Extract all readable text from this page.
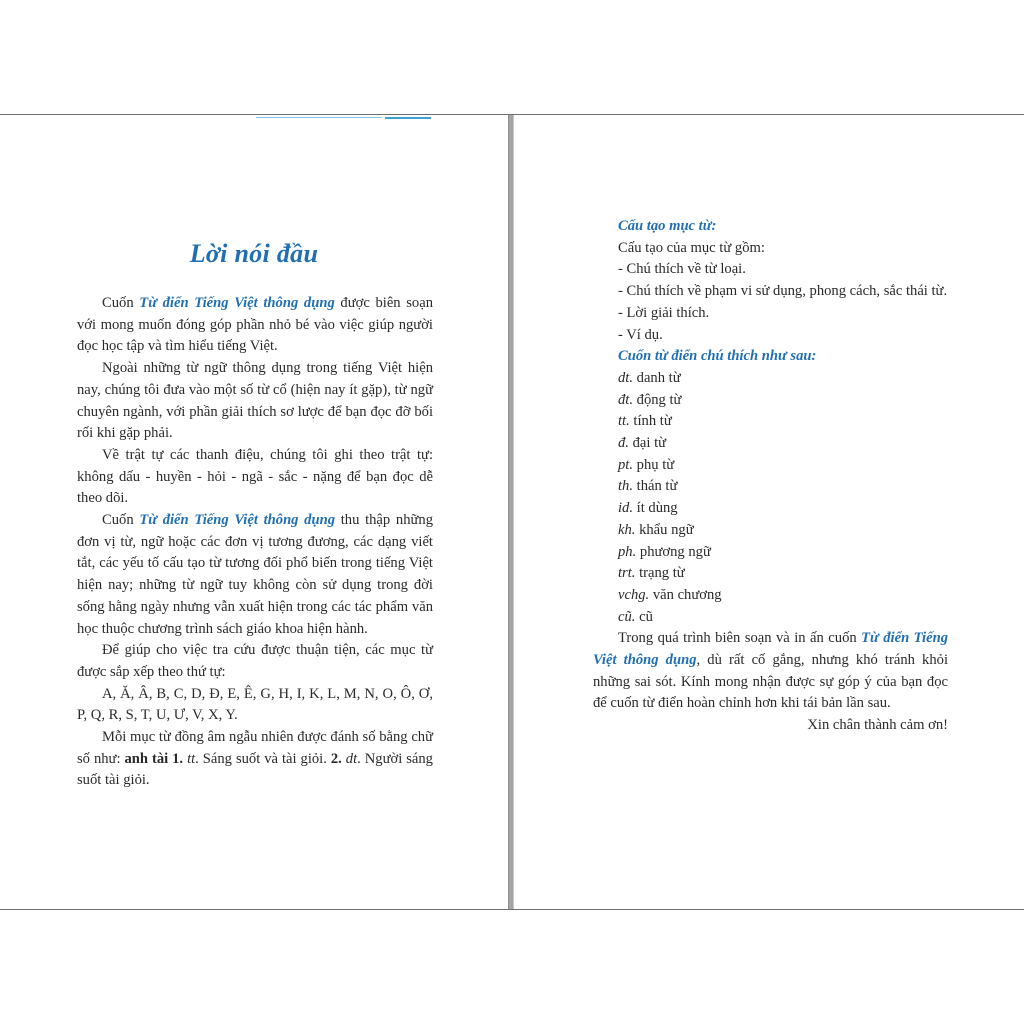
Lời nói đầu

Cuốn Từ điển Tiếng Việt thông dụng được biên soạn với mong muốn đóng góp phần nhỏ bé vào việc giúp người đọc học tập và tìm hiểu tiếng Việt.

Ngoài những từ ngữ thông dụng trong tiếng Việt hiện nay, chúng tôi đưa vào một số từ cổ (hiện nay ít gặp), từ ngữ chuyên ngành, với phần giải thích sơ lược để bạn đọc đỡ bối rối khi gặp phải.

Về trật tự các thanh điệu, chúng tôi ghi theo trật tự: không dấu - huyền - hỏi - ngã - sắc - nặng để bạn đọc dễ theo dõi.

Cuốn Từ điển Tiếng Việt thông dụng thu thập những đơn vị từ, ngữ hoặc các đơn vị tương đương, các dạng viết tắt, các yếu tố cấu tạo từ tương đối phổ biến trong tiếng Việt hiện nay; những từ ngữ tuy không còn sử dụng trong đời sống hằng ngày nhưng vẫn xuất hiện trong các tác phẩm văn học thuộc chương trình sách giáo khoa hiện hành.

Để giúp cho việc tra cứu được thuận tiện, các mục từ được sắp xếp theo thứ tự:

A, Ă, Â, B, C, D, Đ, E, Ê, G, H, I, K, L, M, N, O, Ô, Ơ, P, Q, R, S, T, U, Ư, V, X, Y.

Mỗi mục từ đồng âm ngẫu nhiên được đánh số bằng chữ số như: anh tài 1. tt. Sáng suốt và tài giỏi. 2. dt. Người sáng suốt tài giỏi.

Cấu tạo mục từ:

Cấu tạo của mục từ gồm:

- Chú thích về từ loại.

- Chú thích về phạm vi sử dụng, phong cách, sắc thái từ.

- Lời giải thích.

- Ví dụ.

Cuốn từ điển chú thích như sau:

dt. danh từ

đt. động từ

tt. tính từ

đ. đại từ

pt. phụ từ

th. thán từ

id. ít dùng

kh. khẩu ngữ

ph. phương ngữ

trt. trạng từ

vchg. văn chương

cũ. cũ

Trong quá trình biên soạn và in ấn cuốn Từ điển Tiếng Việt thông dụng, dù rất cố gắng, nhưng khó tránh khỏi những sai sót. Kính mong nhận được sự góp ý của bạn đọc để cuốn từ điển hoàn chỉnh hơn khi tái bản lần sau.

Xin chân thành cảm ơn!
